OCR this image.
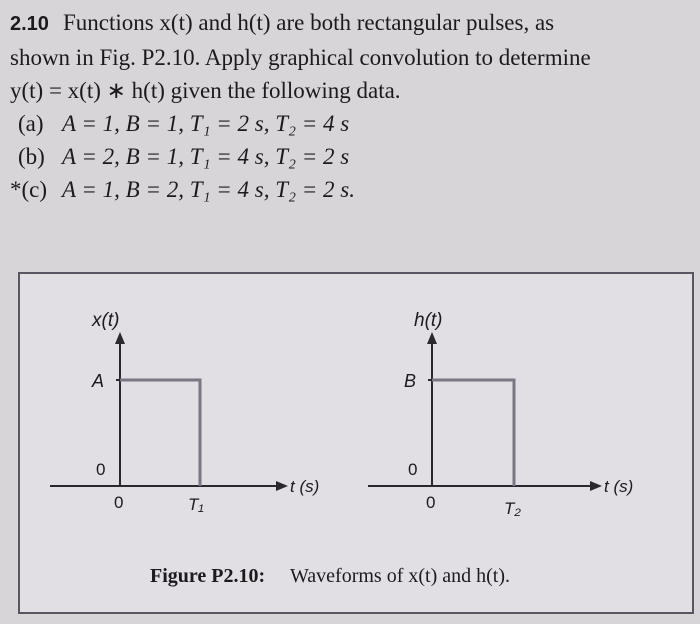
2.10 Functions x(t) and h(t) are both rectangular pulses, as
shown in Fig. P2.10. Apply graphical convolution to determine
y(t) = x(t) ∗ h(t) given the following data.
(a) A = 1, B = 1, T₁ = 2 s, T₂ = 4 s
(b) A = 2, B = 1, T₁ = 4 s, T₂ = 2 s
*(c) A = 1, B = 2, T₁ = 4 s, T₂ = 2 s.
x(t)
A
0
0	T₁
t (s)
h(t)
B
0
0	T₂
t (s)
Figure P2.10: Waveforms of x(t) and h(t).
